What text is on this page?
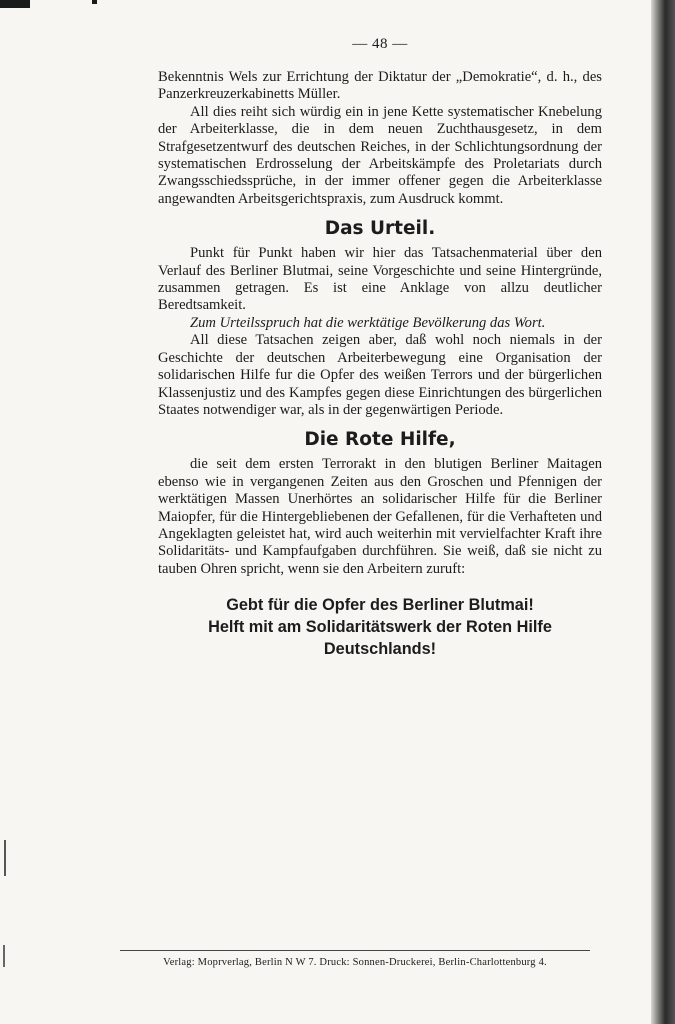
— 48 —

Bekenntnis Wels zur Errichtung der Diktatur der „Demokratie“, d. h., des Panzerkreuzerkabinetts Müller.

All dies reiht sich würdig ein in jene Kette systematischer Knebelung der Arbeiterklasse, die in dem neuen Zuchthausgesetz, in dem Strafgesetzentwurf des deutschen Reiches, in der Schlichtungsordnung der systematischen Erdrosselung der Arbeitskämpfe des Proletariats durch Zwangsschiedssprüche, in der immer offener gegen die Arbeiterklasse angewandten Arbeitsgerichtspraxis, zum Ausdruck kommt.

Das Urteil.

Punkt für Punkt haben wir hier das Tatsachenmaterial über den Verlauf des Berliner Blutmai, seine Vorgeschichte und seine Hintergründe, zusammen getragen. Es ist eine Anklage von allzu deutlicher Beredtsamkeit.

Zum Urteilsspruch hat die werktätige Bevölkerung das Wort.

All diese Tatsachen zeigen aber, daß wohl noch niemals in der Geschichte der deutschen Arbeiterbewegung eine Organisation der solidarischen Hilfe fur die Opfer des weißen Terrors und der bürgerlichen Klassenjustiz und des Kampfes gegen diese Einrichtungen des bürgerlichen Staates notwendiger war, als in der gegenwärtigen Periode.

Die Rote Hilfe,

die seit dem ersten Terrorakt in den blutigen Berliner Maitagen ebenso wie in vergangenen Zeiten aus den Groschen und Pfennigen der werktätigen Massen Unerhörtes an solidarischer Hilfe für die Berliner Maiopfer, für die Hintergebliebenen der Gefallenen, für die Verhafteten und Angeklagten geleistet hat, wird auch weiterhin mit vervielfachter Kraft ihre Solidaritäts- und Kampfaufgaben durchführen. Sie weiß, daß sie nicht zu tauben Ohren spricht, wenn sie den Arbeitern zuruft:

Gebt für die Opfer des Berliner Blutmai!
Helft mit am Solidaritätswerk der Roten Hilfe
Deutschlands!
Verlag: Moprverlag, Berlin N W 7. Druck: Sonnen-Druckerei, Berlin-Charlottenburg 4.
